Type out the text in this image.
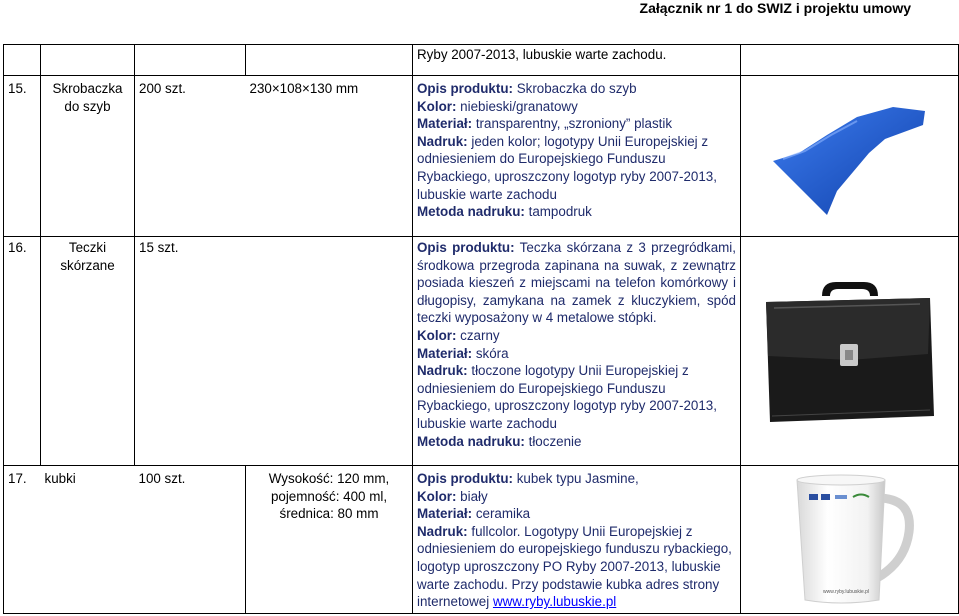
Załącznik nr 1 do SWIZ i projektu umowy
				Ryby 2007-2013, lubuskie warte zachodu.	
15.	Skrobaczka do szyb	200 szt.	230×108×130 mm	Opis produktu: Skrobaczka do szyb
Kolor: niebieski/granatowy
Materiał: transparentny, „szroniony” plastik
Nadruk: jeden kolor; logotypy Unii Europejskiej z odniesieniem do Europejskiego Funduszu Rybackiego, uproszczony logotyp ryby 2007-2013, lubuskie warte zachodu
Metoda nadruku: tampodruk

16.	Teczki skórzane	15 szt.		Opis produktu: Teczka skórzana z 3 przegródkami, środkowa przegroda zapinana na suwak, z zewnątrz posiada kieszeń z miejscami na telefon komórkowy i długopisy, zamykana na zamek z kluczykiem, spód teczki wyposażony w 4 metalowe stópki.
Kolor: czarny
Materiał: skóra
Nadruk: tłoczone logotypy Unii Europejskiej z odniesieniem do Europejskiego Funduszu Rybackiego, uproszczony logotyp ryby 2007-2013, lubuskie warte zachodu
Metoda nadruku: tłoczenie

17.	kubki	100 szt.	Wysokość: 120 mm, pojemność: 400 ml, średnica: 80 mm	Opis produktu: kubek typu Jasmine,
Kolor: biały
Materiał: ceramika
Nadruk: fullcolor. Logotypy Unii Europejskiej z odniesieniem do europejskiego funduszu rybackiego, logotyp uproszczony PO Ryby 2007-2013, lubuskie warte zachodu. Przy podstawie kubka adres strony internetowej www.ryby.lubuskie.pl	www.ryby.lubuskie.pl
